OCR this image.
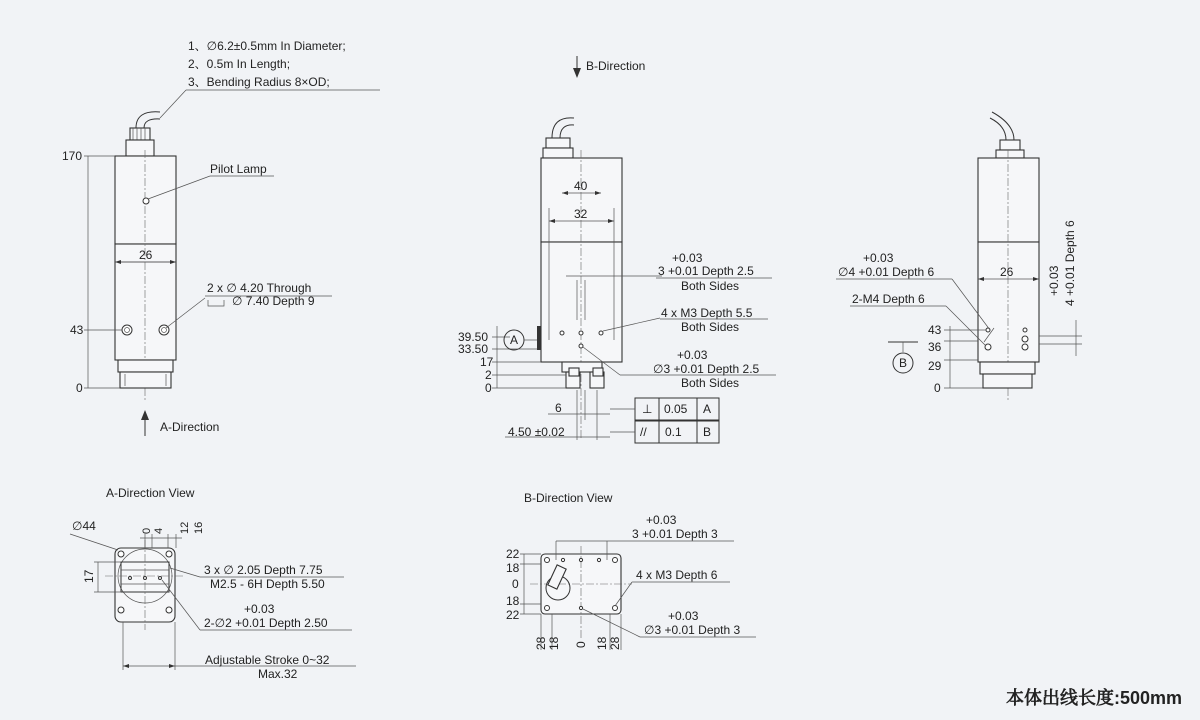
1、∅6.2±0.5mm In Diameter;
2、0.5m In Length;
3、Bending Radius 8×OD;
Pilot Lamp
2 x ∅ 4.20 Through
∅ 7.40 Depth 9
26
170
43
0
A-Direction
B-Direction
40
32
+0.03
3 +0.01 Depth 2.5
Both Sides
4 x M3 Depth 5.5
Both Sides
+0.03
∅3 +0.01 Depth 2.5
Both Sides
39.50
33.50
17
2
0
A
6
4.50 ±0.02
⊥ 0.05 A
// 0.1 B
26
+0.03
∅4 +0.01 Depth 6
2-M4 Depth 6
B
43
36
29
0
+0.03 4 +0.01 Depth 6
A-Direction View
∅44
17
0 4 12 16
3 x ∅ 2.05 Depth 7.75
M2.5 - 6H Depth 5.50
+0.03
2-∅2 +0.01 Depth 2.50
Adjustable Stroke 0~32
Max.32
B-Direction View
+0.03
3 +0.01 Depth 3
4 x M3 Depth 6
+0.03
∅3 +0.01 Depth 3
22
18
0
18
22
28 18 0 18 28
本体出线长度:500mm
